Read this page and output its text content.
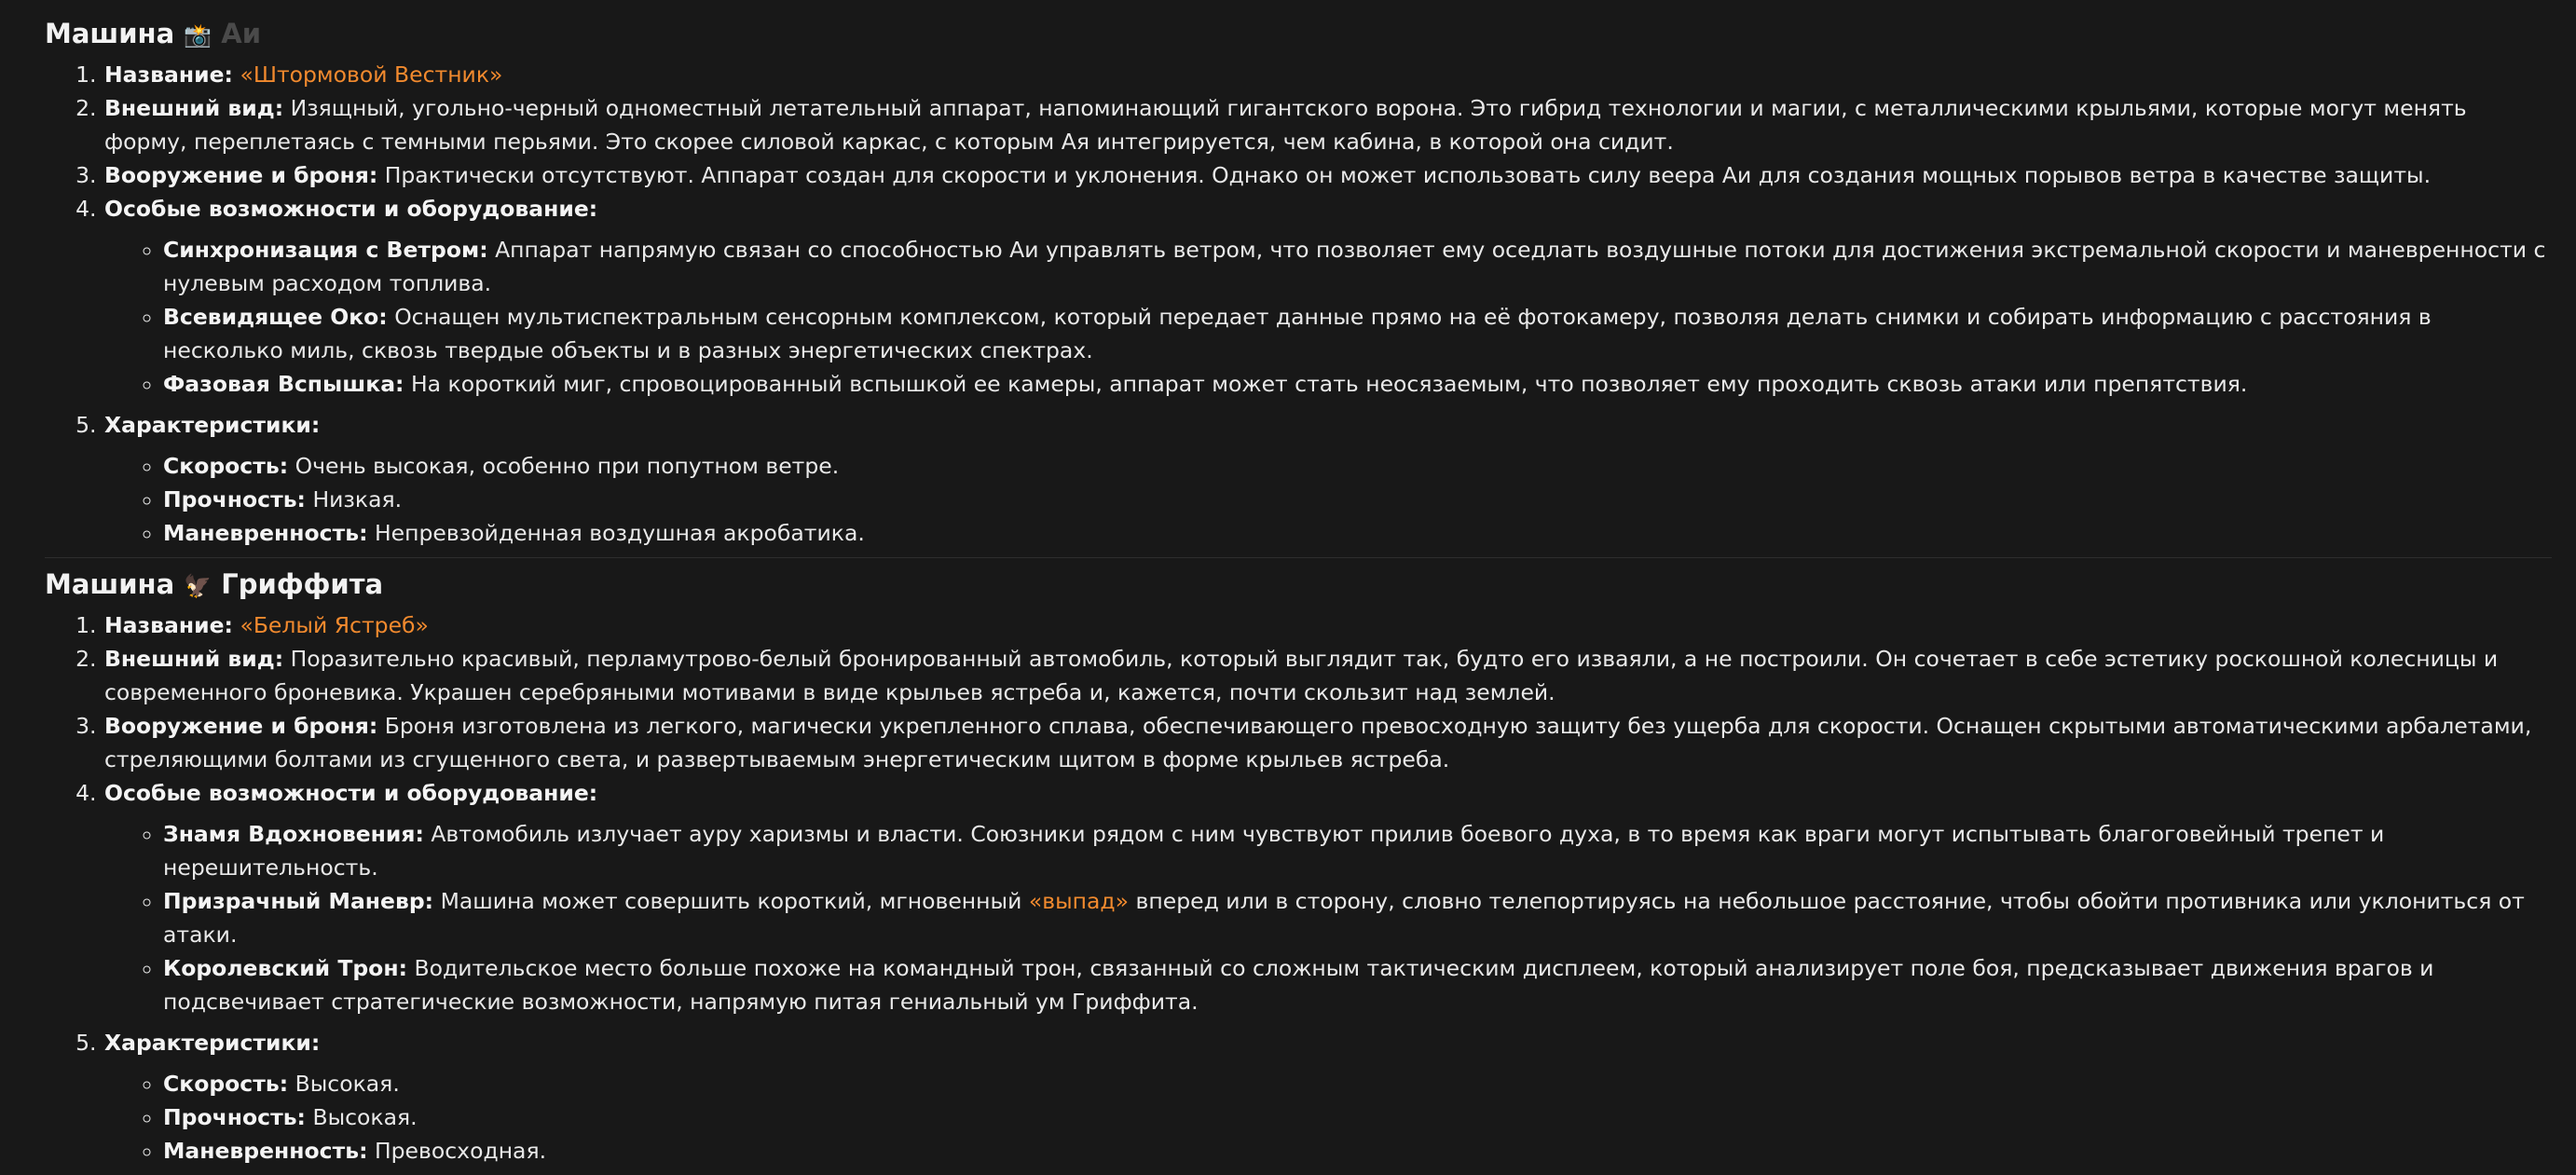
Машина 📸 Аи
1. Название: «Штормовой Вестник»
2. Внешний вид: Изящный, угольно-черный одноместный летательный аппарат, напоминающий гигантского ворона. Это гибрид технологии и магии, с металлическими крыльями, которые могут менять форму, переплетаясь с темными перьями. Это скорее силовой каркас, с которым Ая интегрируется, чем кабина, в которой она сидит.
3. Вооружение и броня: Практически отсутствуют. Аппарат создан для скорости и уклонения. Однако он может использовать силу веера Аи для создания мощных порывов ветра в качестве защиты.
4. Особые возможности и оборудование:
◦ Синхронизация с Ветром: Аппарат напрямую связан со способностью Аи управлять ветром, что позволяет ему оседлать воздушные потоки для достижения экстремальной скорости и маневренности с нулевым расходом топлива.
◦ Всевидящее Око: Оснащен мультиспектральным сенсорным комплексом, который передает данные прямо на её фотокамеру, позволяя делать снимки и собирать информацию с расстояния в несколько миль, сквозь твердые объекты и в разных энергетических спектрах.
◦ Фазовая Вспышка: На короткий миг, спровоцированный вспышкой ее камеры, аппарат может стать неосязаемым, что позволяет ему проходить сквозь атаки или препятствия.
5. Характеристики:
◦ Скорость: Очень высокая, особенно при попутном ветре.
◦ Прочность: Низкая.
◦ Маневренность: Непревзойденная воздушная акробатика.
Машина 🦅 Гриффита
1. Название: «Белый Ястреб»
2. Внешний вид: Поразительно красивый, перламутрово-белый бронированный автомобиль, который выглядит так, будто его изваяли, а не построили. Он сочетает в себе эстетику роскошной колесницы и современного броневика. Украшен серебряными мотивами в виде крыльев ястреба и, кажется, почти скользит над землей.
3. Вооружение и броня: Броня изготовлена из легкого, магически укрепленного сплава, обеспечивающего превосходную защиту без ущерба для скорости. Оснащен скрытыми автоматическими арбалетами, стреляющими болтами из сгущенного света, и развертываемым энергетическим щитом в форме крыльев ястреба.
4. Особые возможности и оборудование:
◦ Знамя Вдохновения: Автомобиль излучает ауру харизмы и власти. Союзники рядом с ним чувствуют прилив боевого духа, в то время как враги могут испытывать благоговейный трепет и нерешительность.
◦ Призрачный Маневр: Машина может совершить короткий, мгновенный «выпад» вперед или в сторону, словно телепортируясь на небольшое расстояние, чтобы обойти противника или уклониться от атаки.
◦ Королевский Трон: Водительское место больше похоже на командный трон, связанный со сложным тактическим дисплеем, который анализирует поле боя, предсказывает движения врагов и подсвечивает стратегические возможности, напрямую питая гениальный ум Гриффита.
5. Характеристики:
◦ Скорость: Высокая.
◦ Прочность: Высокая.
◦ Маневренность: Превосходная.
